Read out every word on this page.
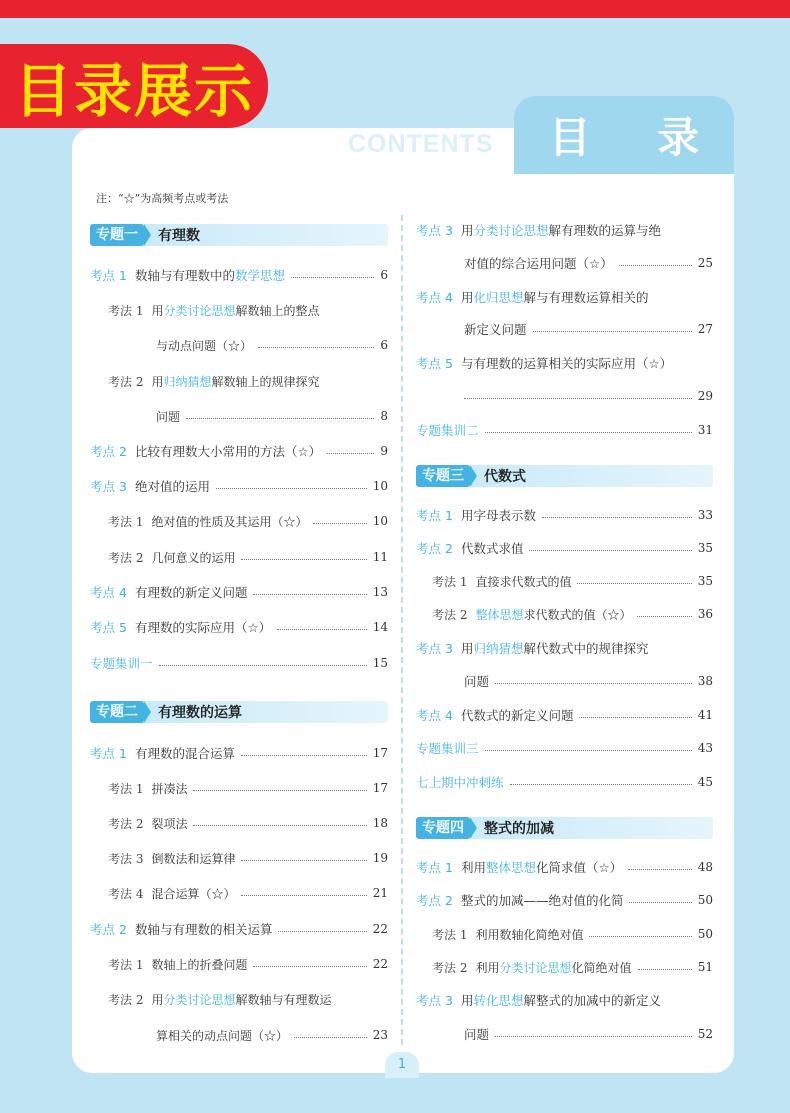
目录展示
CONTENTS 目 录
注：“☆”为高频考点或考法
专题一	有理数
考点 1 数轴与有理数中的 数学思想	6
考法 1 用 分类讨论思想 解数轴上的整点
与动点问题（☆）	6
考法 2 用 归纳猜想 解数轴上的规律探究
问题	8
考点 2 比较有理数大小常用的方法（☆）	9
考点 3 绝对值的运用	10
考法 1 绝对值的性质及其运用（☆）	10
考法 2 几何意义的运用	11
考点 4 有理数的新定义问题	13
考点 5 有理数的实际应用（☆）	14
专题集训一	15
专题二	有理数的运算
考点 1 有理数的混合运算	17
考法 1 拼凑法	17
考法 2 裂项法	18
考法 3 倒数法和运算律	19
考法 4 混合运算（☆）	21
考点 2 数轴与有理数的相关运算	22
考法 1 数轴上的折叠问题	22
考法 2 用 分类讨论思想 解数轴与有理数运
算相关的动点问题（☆）	23
考点 3 用 分类讨论思想 解有理数的运算与绝
对值的综合运用问题（☆）	25
考点 4 用 化归思想 解与有理数运算相关的
新定义问题	27
考点 5 与有理数的运算相关的实际应用（☆）
29
专题集训二	31
专题三	代数式
考点 1 用字母表示数	33
考点 2 代数式求值	35
考法 1 直接求代数式的值	35
考法 2 整体思想 求代数式的值（☆）	36
考点 3 用 归纳猜想 解代数式中的规律探究
问题	38
考点 4 代数式的新定义问题	41
专题集训三	43
七上期中冲刺练	45
专题四	整式的加减
考点 1 利用 整体思想 化简求值（☆）	48
考点 2 整式的加减——绝对值的化简	50
考法 1 利用数轴化简绝对值	50
考法 2 利用 分类讨论思想 化简绝对值	51
考点 3 用 转化思想 解整式的加减中的新定义
问题	52
1
